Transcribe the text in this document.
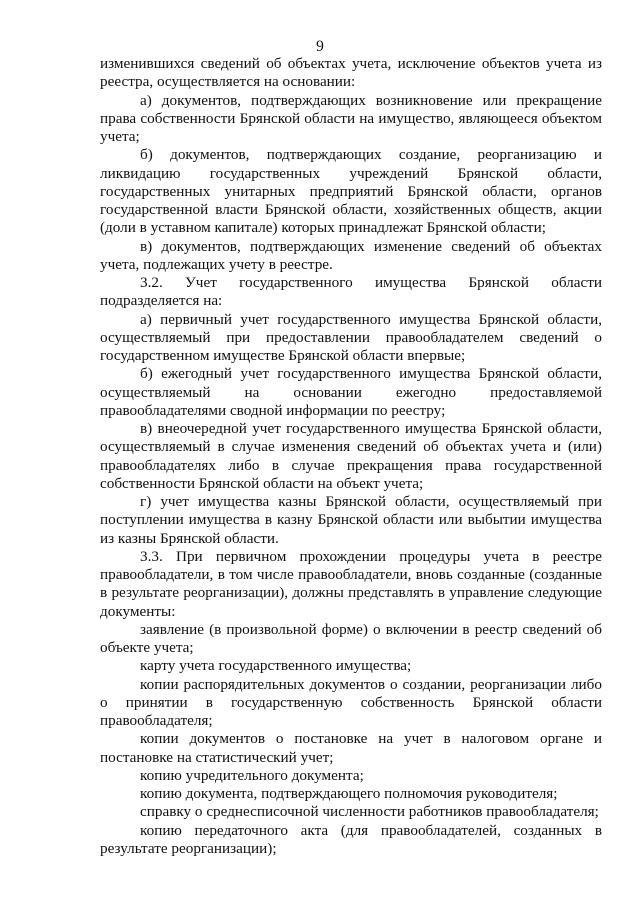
9

изменившихся сведений об объектах учета, исключение объектов учета из реестра, осуществляется на основании:

а) документов, подтверждающих возникновение или прекращение права собственности Брянской области на имущество, являющееся объектом учета;

б) документов, подтверждающих создание, реорганизацию и ликвидацию государственных учреждений Брянской области, государственных унитарных предприятий Брянской области, органов государственной власти Брянской области, хозяйственных обществ, акции (доли в уставном капитале) которых принадлежат Брянской области;

в) документов, подтверждающих изменение сведений об объектах учета, подлежащих учету в реестре.

3.2. Учет государственного имущества Брянской области подразделяется на:

а) первичный учет государственного имущества Брянской области, осуществляемый при предоставлении правообладателем сведений о государственном имуществе Брянской области впервые;

б) ежегодный учет государственного имущества Брянской области, осуществляемый на основании ежегодно предоставляемой правообладателями сводной информации по реестру;

в) внеочередной учет государственного имущества Брянской области, осуществляемый в случае изменения сведений об объектах учета и (или) правообладателях либо в случае прекращения права государственной собственности Брянской области на объект учета;

г) учет имущества казны Брянской области, осуществляемый при поступлении имущества в казну Брянской области или выбытии имущества из казны Брянской области.

3.3. При первичном прохождении процедуры учета в реестре правообладатели, в том числе правообладатели, вновь созданные (созданные в результате реорганизации), должны представлять в управление следующие документы:

заявление (в произвольной форме) о включении в реестр сведений об объекте учета;

карту учета государственного имущества;

копии распорядительных документов о создании, реорганизации либо о принятии в государственную собственность Брянской области правообладателя;

копии документов о постановке на учет в налоговом органе и постановке на статистический учет;

копию учредительного документа;

копию документа, подтверждающего полномочия руководителя;

справку о среднесписочной численности работников правообладателя;

копию передаточного акта (для правообладателей, созданных в результате реорганизации);
